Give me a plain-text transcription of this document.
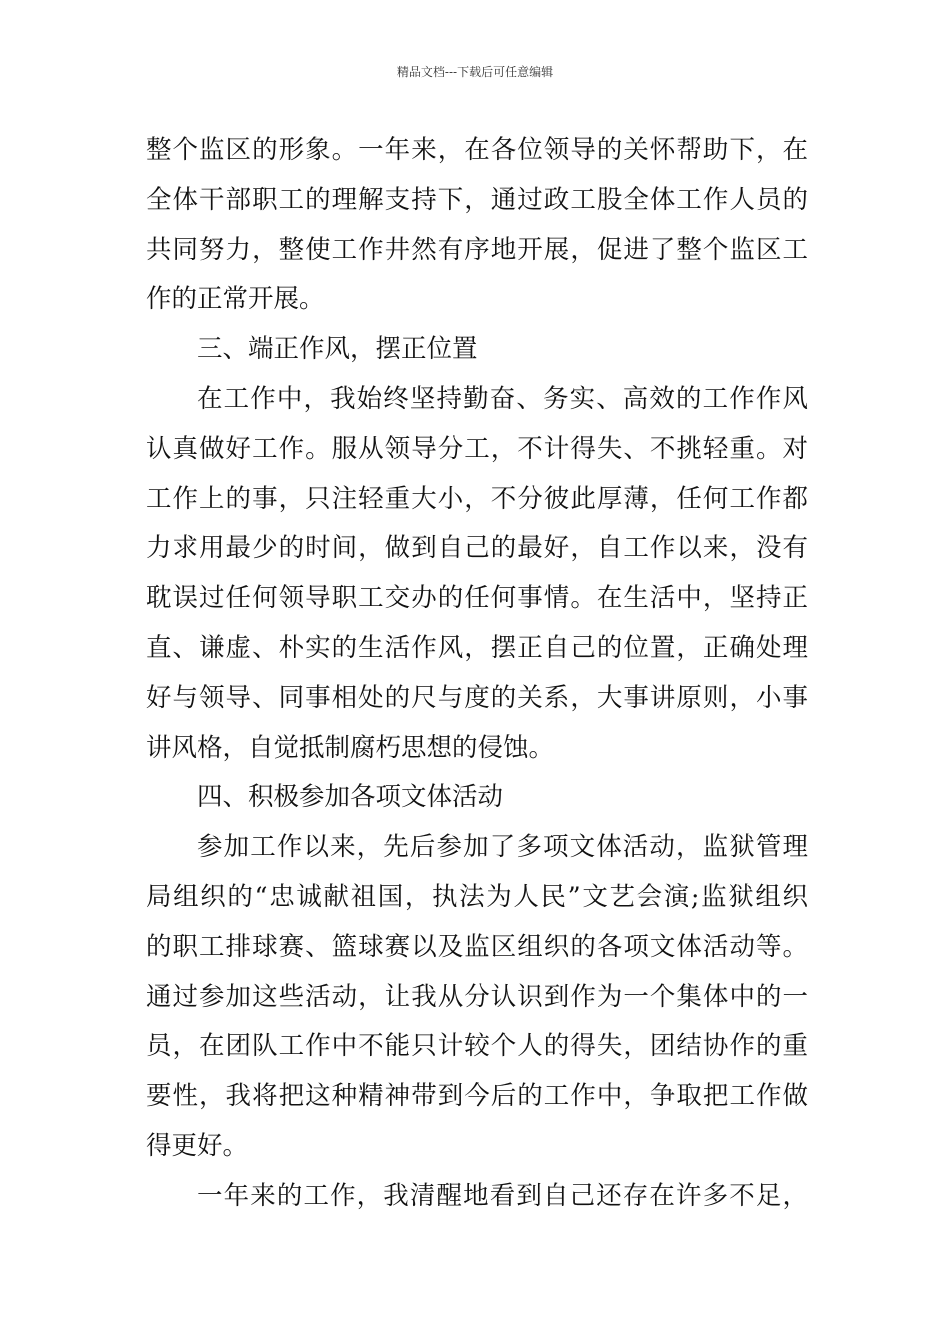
精品文档---下载后可任意编辑
整个监区的形象。一年来，在各位领导的关怀帮助下，在
全体干部职工的理解支持下，通过政工股全体工作人员的
共同努力，整使工作井然有序地开展，促进了整个监区工
作的正常开展。
三、端正作风，摆正位置
在工作中，我始终坚持勤奋、务实、高效的工作作风
认真做好工作。服从领导分工，不计得失、不挑轻重。对
工作上的事，只注轻重大小，不分彼此厚薄，任何工作都
力求用最少的时间，做到自己的最好，自工作以来，没有
耽误过任何领导职工交办的任何事情。在生活中，坚持正
直、谦虚、朴实的生活作风，摆正自己的位置，正确处理
好与领导、同事相处的尺与度的关系，大事讲原则，小事
讲风格，自觉抵制腐朽思想的侵蚀。
四、积极参加各项文体活动
参加工作以来，先后参加了多项文体活动，监狱管理
局组织的“忠诚献祖国，执法为人民”文艺会演;监狱组织
的职工排球赛、篮球赛以及监区组织的各项文体活动等。
通过参加这些活动，让我从分认识到作为一个集体中的一
员，在团队工作中不能只计较个人的得失，团结协作的重
要性，我将把这种精神带到今后的工作中，争取把工作做
得更好。
一年来的工作，我清醒地看到自己还存在许多不足，
